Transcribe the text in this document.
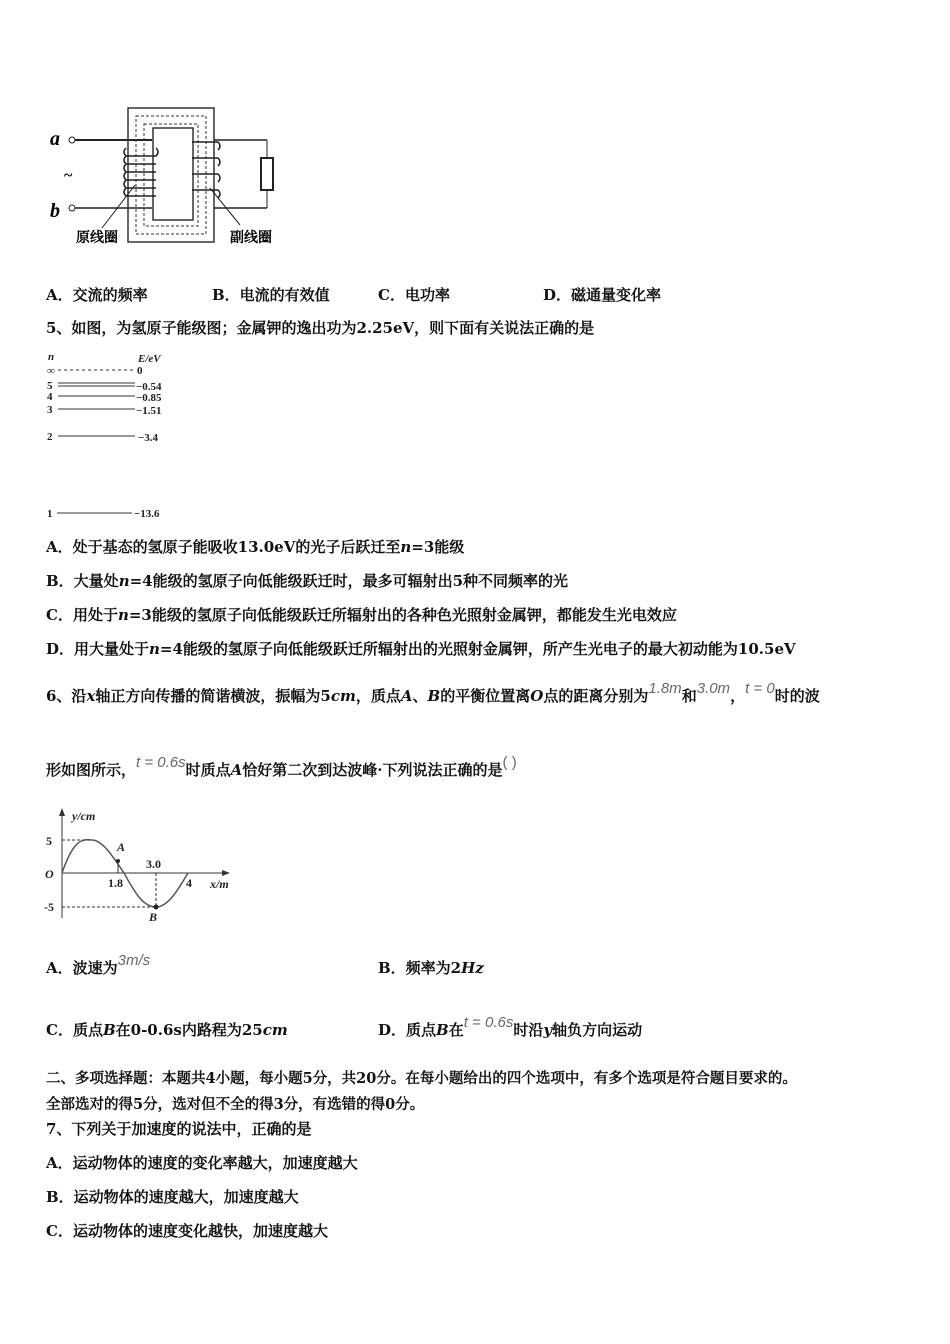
a
b
~
原线圈	副线圈
A．交流的频率	B．电流的有效值	C．电功率	D．磁通量变化率
5、如图，为氢原子能级图；金属钾的逸出功为2.25eV，则下面有关说法正确的是
n	E/eV
∞	0
5	−0.54
4	−0.85
3	−1.51
2	−3.4
1	−13.6
A．处于基态的氢原子能吸收13.0eV的光子后跃迁至n=3能级
B．大量处n=4能级的氢原子向低能级跃迁时，最多可辐射出5种不同频率的光
C．用处于n=3能级的氢原子向低能级跃迁所辐射出的各种色光照射金属钾，都能发生光电效应
D．用大量处于n=4能级的氢原子向低能级跃迁所辐射出的光照射金属钾，所产生光电子的最大初动能为10.5eV
6、沿x轴正方向传播的简谐横波，振幅为5cm，质点A、B的平衡位置离O点的距离分别为1.8m和3.0m，t = 0时的波
形如图所示，t = 0.6s时质点A恰好第二次到达波峰·下列说法正确的是( )
y/cm
5
-5
O
1.8
3.0
4 x/m
A
B
A．波速为3m/s	B．频率为2Hz
C．质点B在0-0.6s内路程为25cm	D．质点B在t = 0.6s时沿y轴负方向运动
二、多项选择题：本题共4小题，每小题5分，共20分。在每小题给出的四个选项中，有多个选项是符合题目要求的。
全部选对的得5分，选对但不全的得3分，有选错的得0分。
7、下列关于加速度的说法中，正确的是
A．运动物体的速度的变化率越大，加速度越大
B．运动物体的速度越大，加速度越大
C．运动物体的速度变化越快，加速度越大
